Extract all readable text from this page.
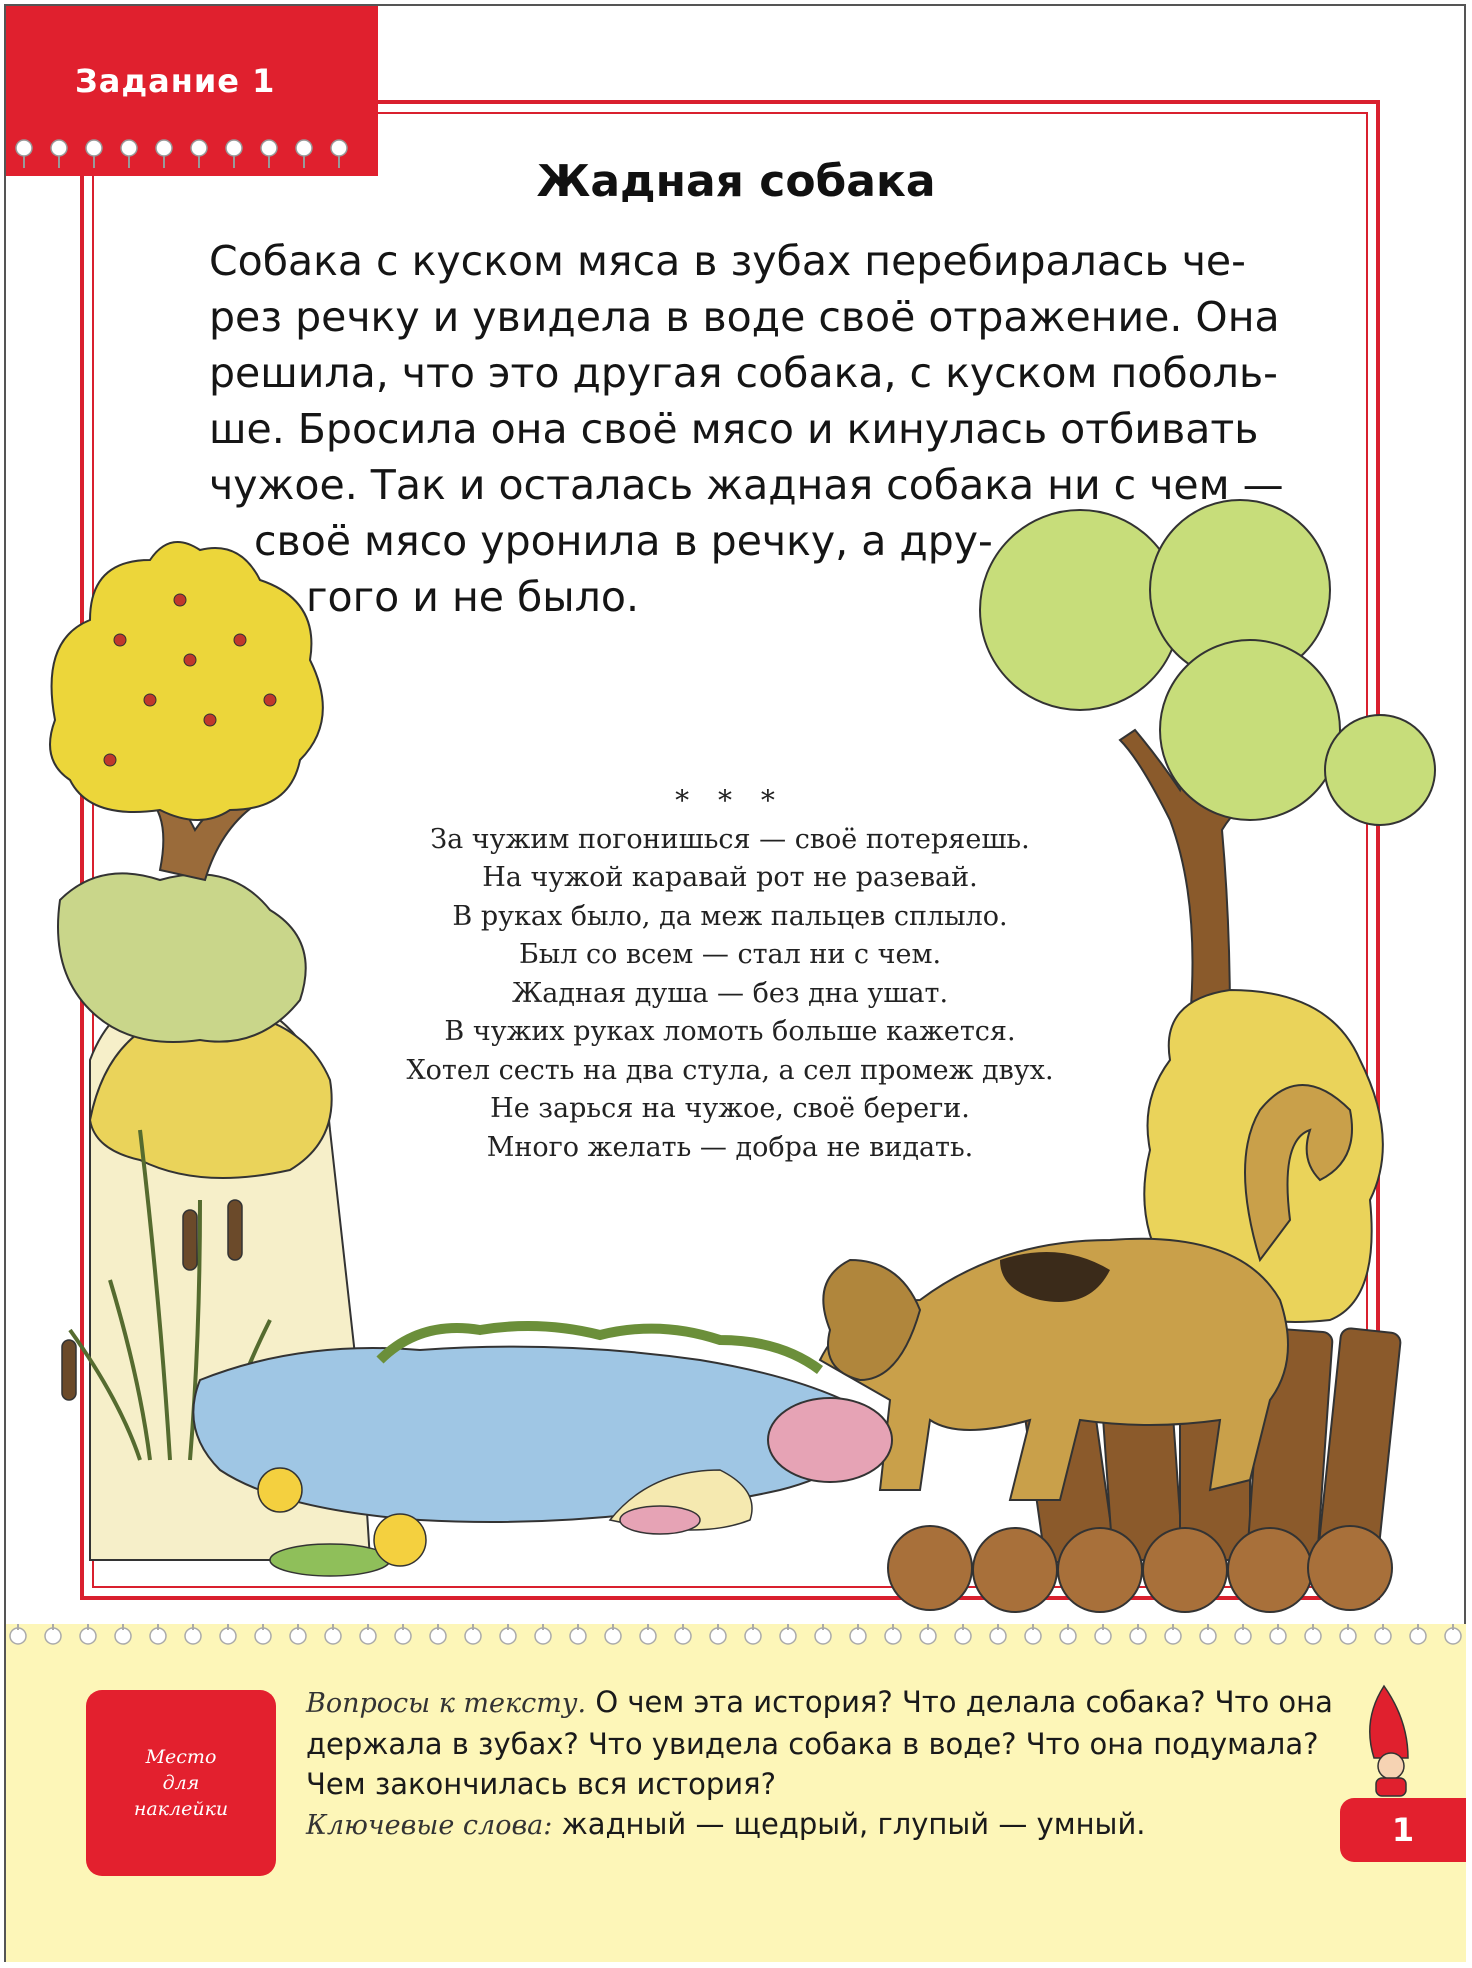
Задание 1
Жадная собака
Собака с куском мяса в зубах перебиралась че-
рез речку и увидела в воде своё отражение. Она
решила, что это другая собака, с куском поболь-
ше. Бросила она своё мясо и кинулась отбивать
чужое. Так и осталась жадная собака ни с чем —
своё мясо уронила в речку, а дру-
гого и не было.
* * *
За чужим погонишься — своё потеряешь.
На чужой каравай рот не разевай.
В руках было, да меж пальцев сплыло.
Был со всем — стал ни с чем.
Жадная душа — без дна ушат.
В чужих руках ломоть больше кажется.
Хотел сесть на два стула, а сел промеж двух.
Не зарься на чужое, своё береги.
Много желать — добра не видать.
Место
для
наклейки
Вопросы к тексту. О чем эта история? Что делала собака? Что она держала в зубах? Что увидела собака в воде? Что она подумала? Чем закончилась вся история?
Ключевые слова: жадный — щедрый, глупый — умный.	1
